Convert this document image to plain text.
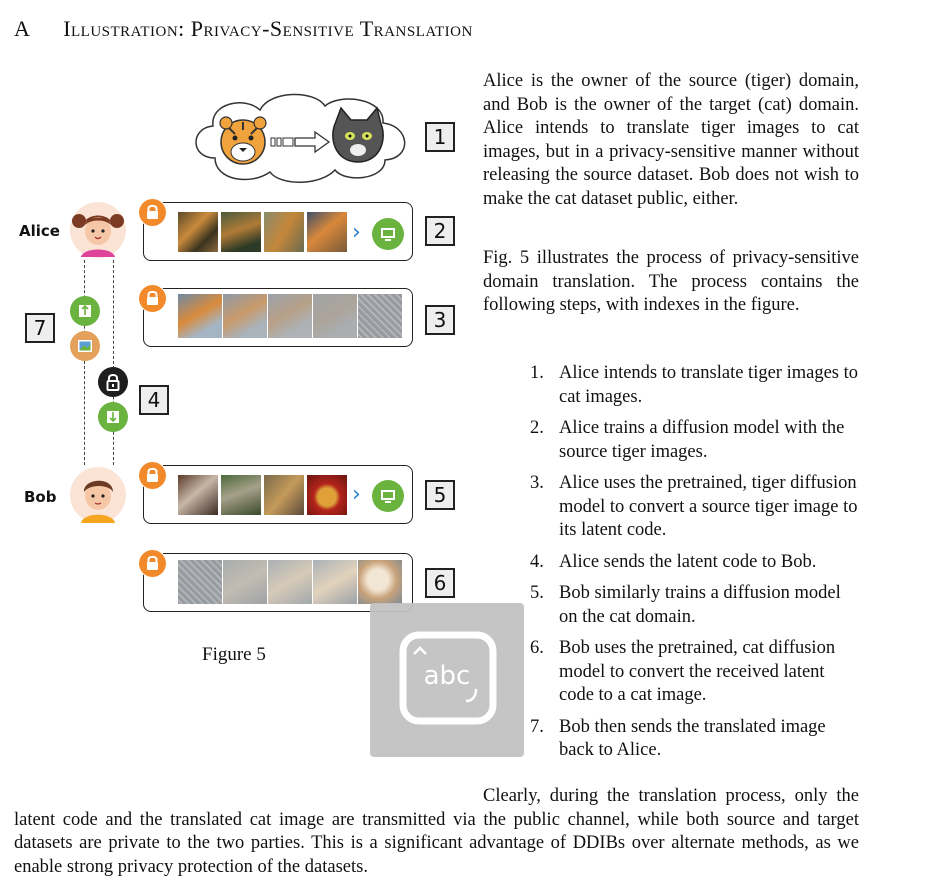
A Illustration: Privacy-Sensitive Translation
Alice is the owner of the source (tiger) domain, and Bob is the owner of the target (cat) domain. Alice intends to translate tiger images to cat images, but in a privacy-sensitive manner without releasing the source dataset. Bob does not wish to make the cat dataset public, either.
Fig. 5 illustrates the process of privacy-sensitive domain translation. The process contains the following steps, with indexes in the figure.
1. Alice intends to translate tiger images to cat images.
2. Alice trains a diffusion model with the source tiger images.
3. Alice uses the pretrained, tiger diffusion model to convert a source tiger image to its latent code.
4. Alice sends the latent code to Bob.
5. Bob similarly trains a diffusion model on the cat domain.
6. Bob uses the pretrained, cat diffusion model to convert the received latent code to a cat image.
7. Bob then sends the translated image back to Alice.
Clearly, during the translation process, only the latent code and the translated cat image are transmitted via the public channel, while both source and target datasets are private to the two parties. This is a significant advantage of DDIBs over alternate methods, as we enable strong privacy protection of the datasets.
1
2
3
4
5
6
7
Alice
Bob
›
›
Figure 5
abc
